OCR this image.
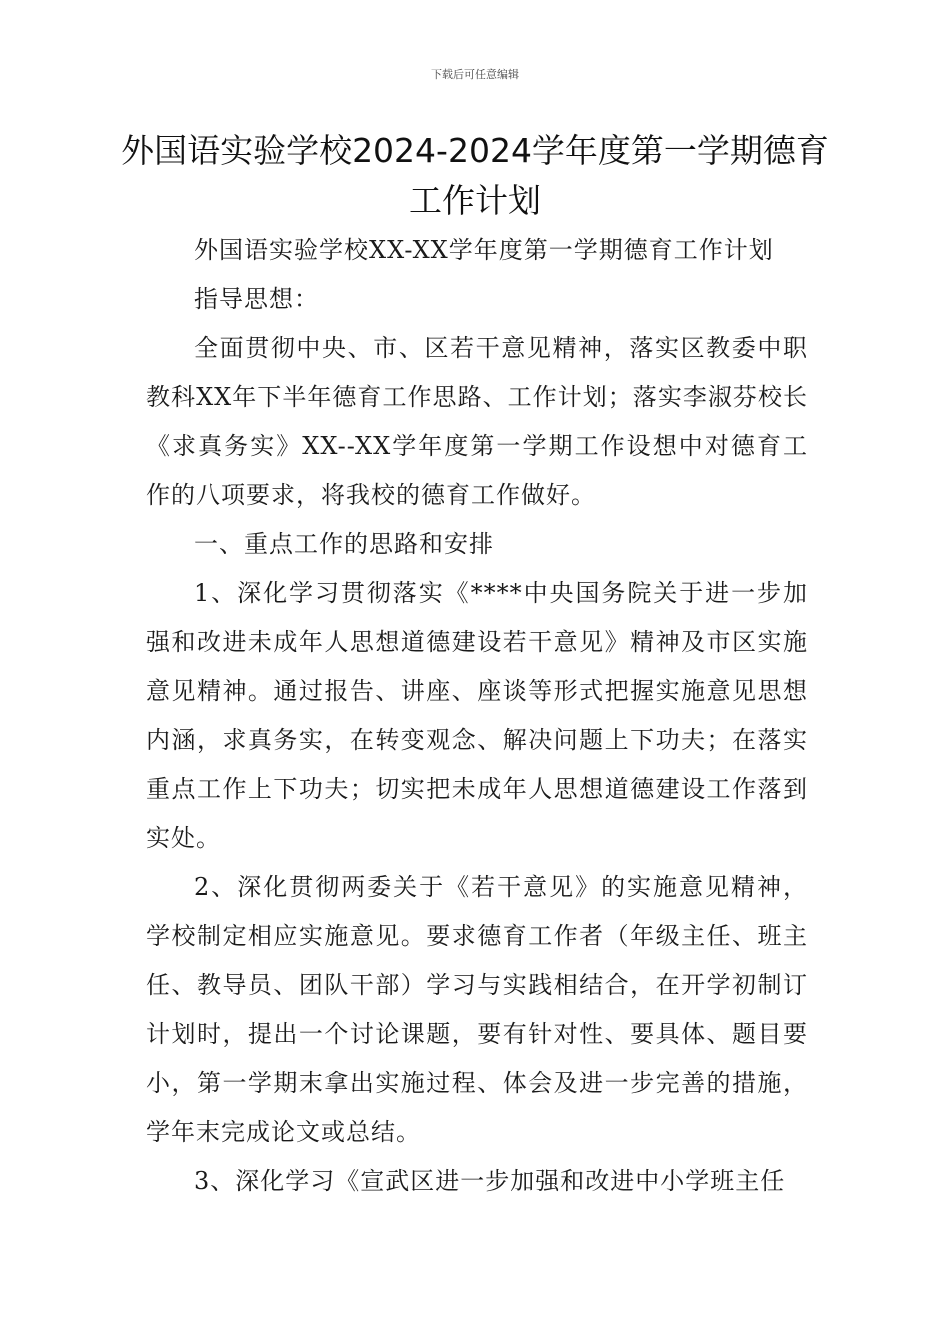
下载后可任意编辑
外国语实验学校2024-2024学年度第一学期德育工作计划

外国语实验学校XX-XX学年度第一学期德育工作计划

指导思想：

全面贯彻中央、市、区若干意见精神，落实区教委中职教科XX年下半年德育工作思路、工作计划；落实李淑芬校长《求真务实》XX--XX学年度第一学期工作设想中对德育工作的八项要求，将我校的德育工作做好。

一、重点工作的思路和安排

1、深化学习贯彻落实《****中央国务院关于进一步加强和改进未成年人思想道德建设若干意见》精神及市区实施意见精神。通过报告、讲座、座谈等形式把握实施意见思想内涵，求真务实，在转变观念、解决问题上下功夫；在落实重点工作上下功夫；切实把未成年人思想道德建设工作落到实处。

2、深化贯彻两委关于《若干意见》的实施意见精神，学校制定相应实施意见。要求德育工作者（年级主任、班主任、教导员、团队干部）学习与实践相结合，在开学初制订计划时，提出一个讨论课题，要有针对性、要具体、题目要小，第一学期末拿出实施过程、体会及进一步完善的措施，学年末完成论文或总结。

3、深化学习《宣武区进一步加强和改进中小学班主任
